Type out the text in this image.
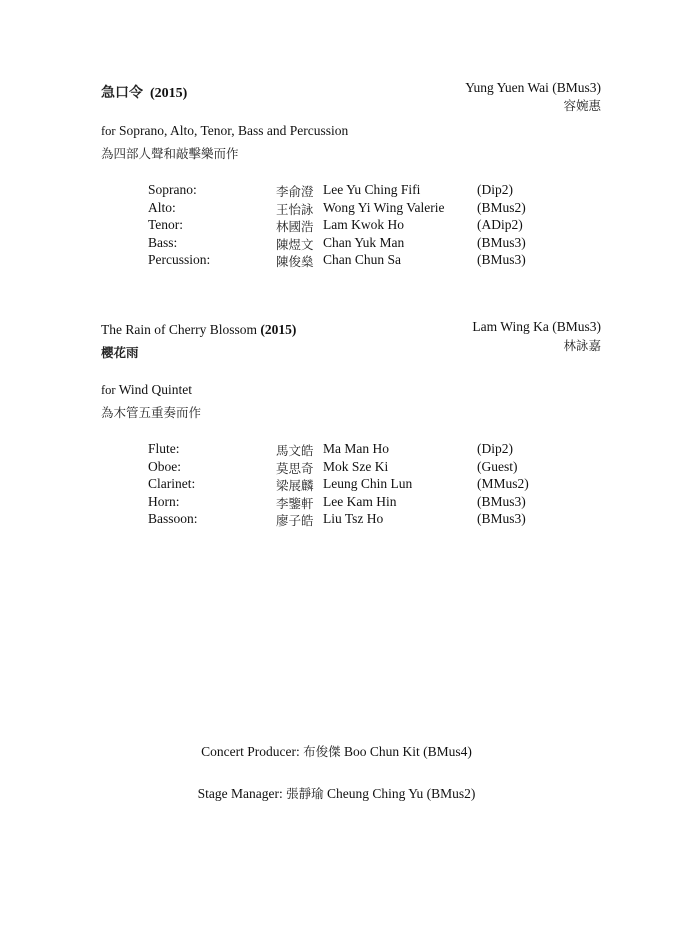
急口令 (2015)	Yung Yuen Wai (BMus3)
容婉惠
for Soprano, Alto, Tenor, Bass and Percussion
為四部人聲和敲擊樂而作
Soprano:	李俞澄 Lee Yu Ching Fifi	(Dip2)
Alto:	王怡詠 Wong Yi Wing Valerie (BMus2)
Tenor:	林國浩 Lam Kwok Ho	(ADip2)
Bass:	陳煜文 Chan Yuk Man	(BMus3)
Percussion:	陳俊燊 Chan Chun Sa	(BMus3)
The Rain of Cherry Blossom (2015)
櫻花雨
Lam Wing Ka (BMus3)
林詠嘉
for Wind Quintet
為木管五重奏而作
Flute:	馬文皓 Ma Man Ho	(Dip2)
Oboe:	莫思奇 Mok Sze Ki	(Guest)
Clarinet:	梁展麟 Leung Chin Lun	(MMus2)
Horn:	李鑒軒 Lee Kam Hin	(BMus3)
Bassoon:	廖子皓 Liu Tsz Ho	(BMus3)
Concert Producer: 布俊傑 Boo Chun Kit (BMus4)
Stage Manager: 張靜瑜 Cheung Ching Yu (BMus2)
